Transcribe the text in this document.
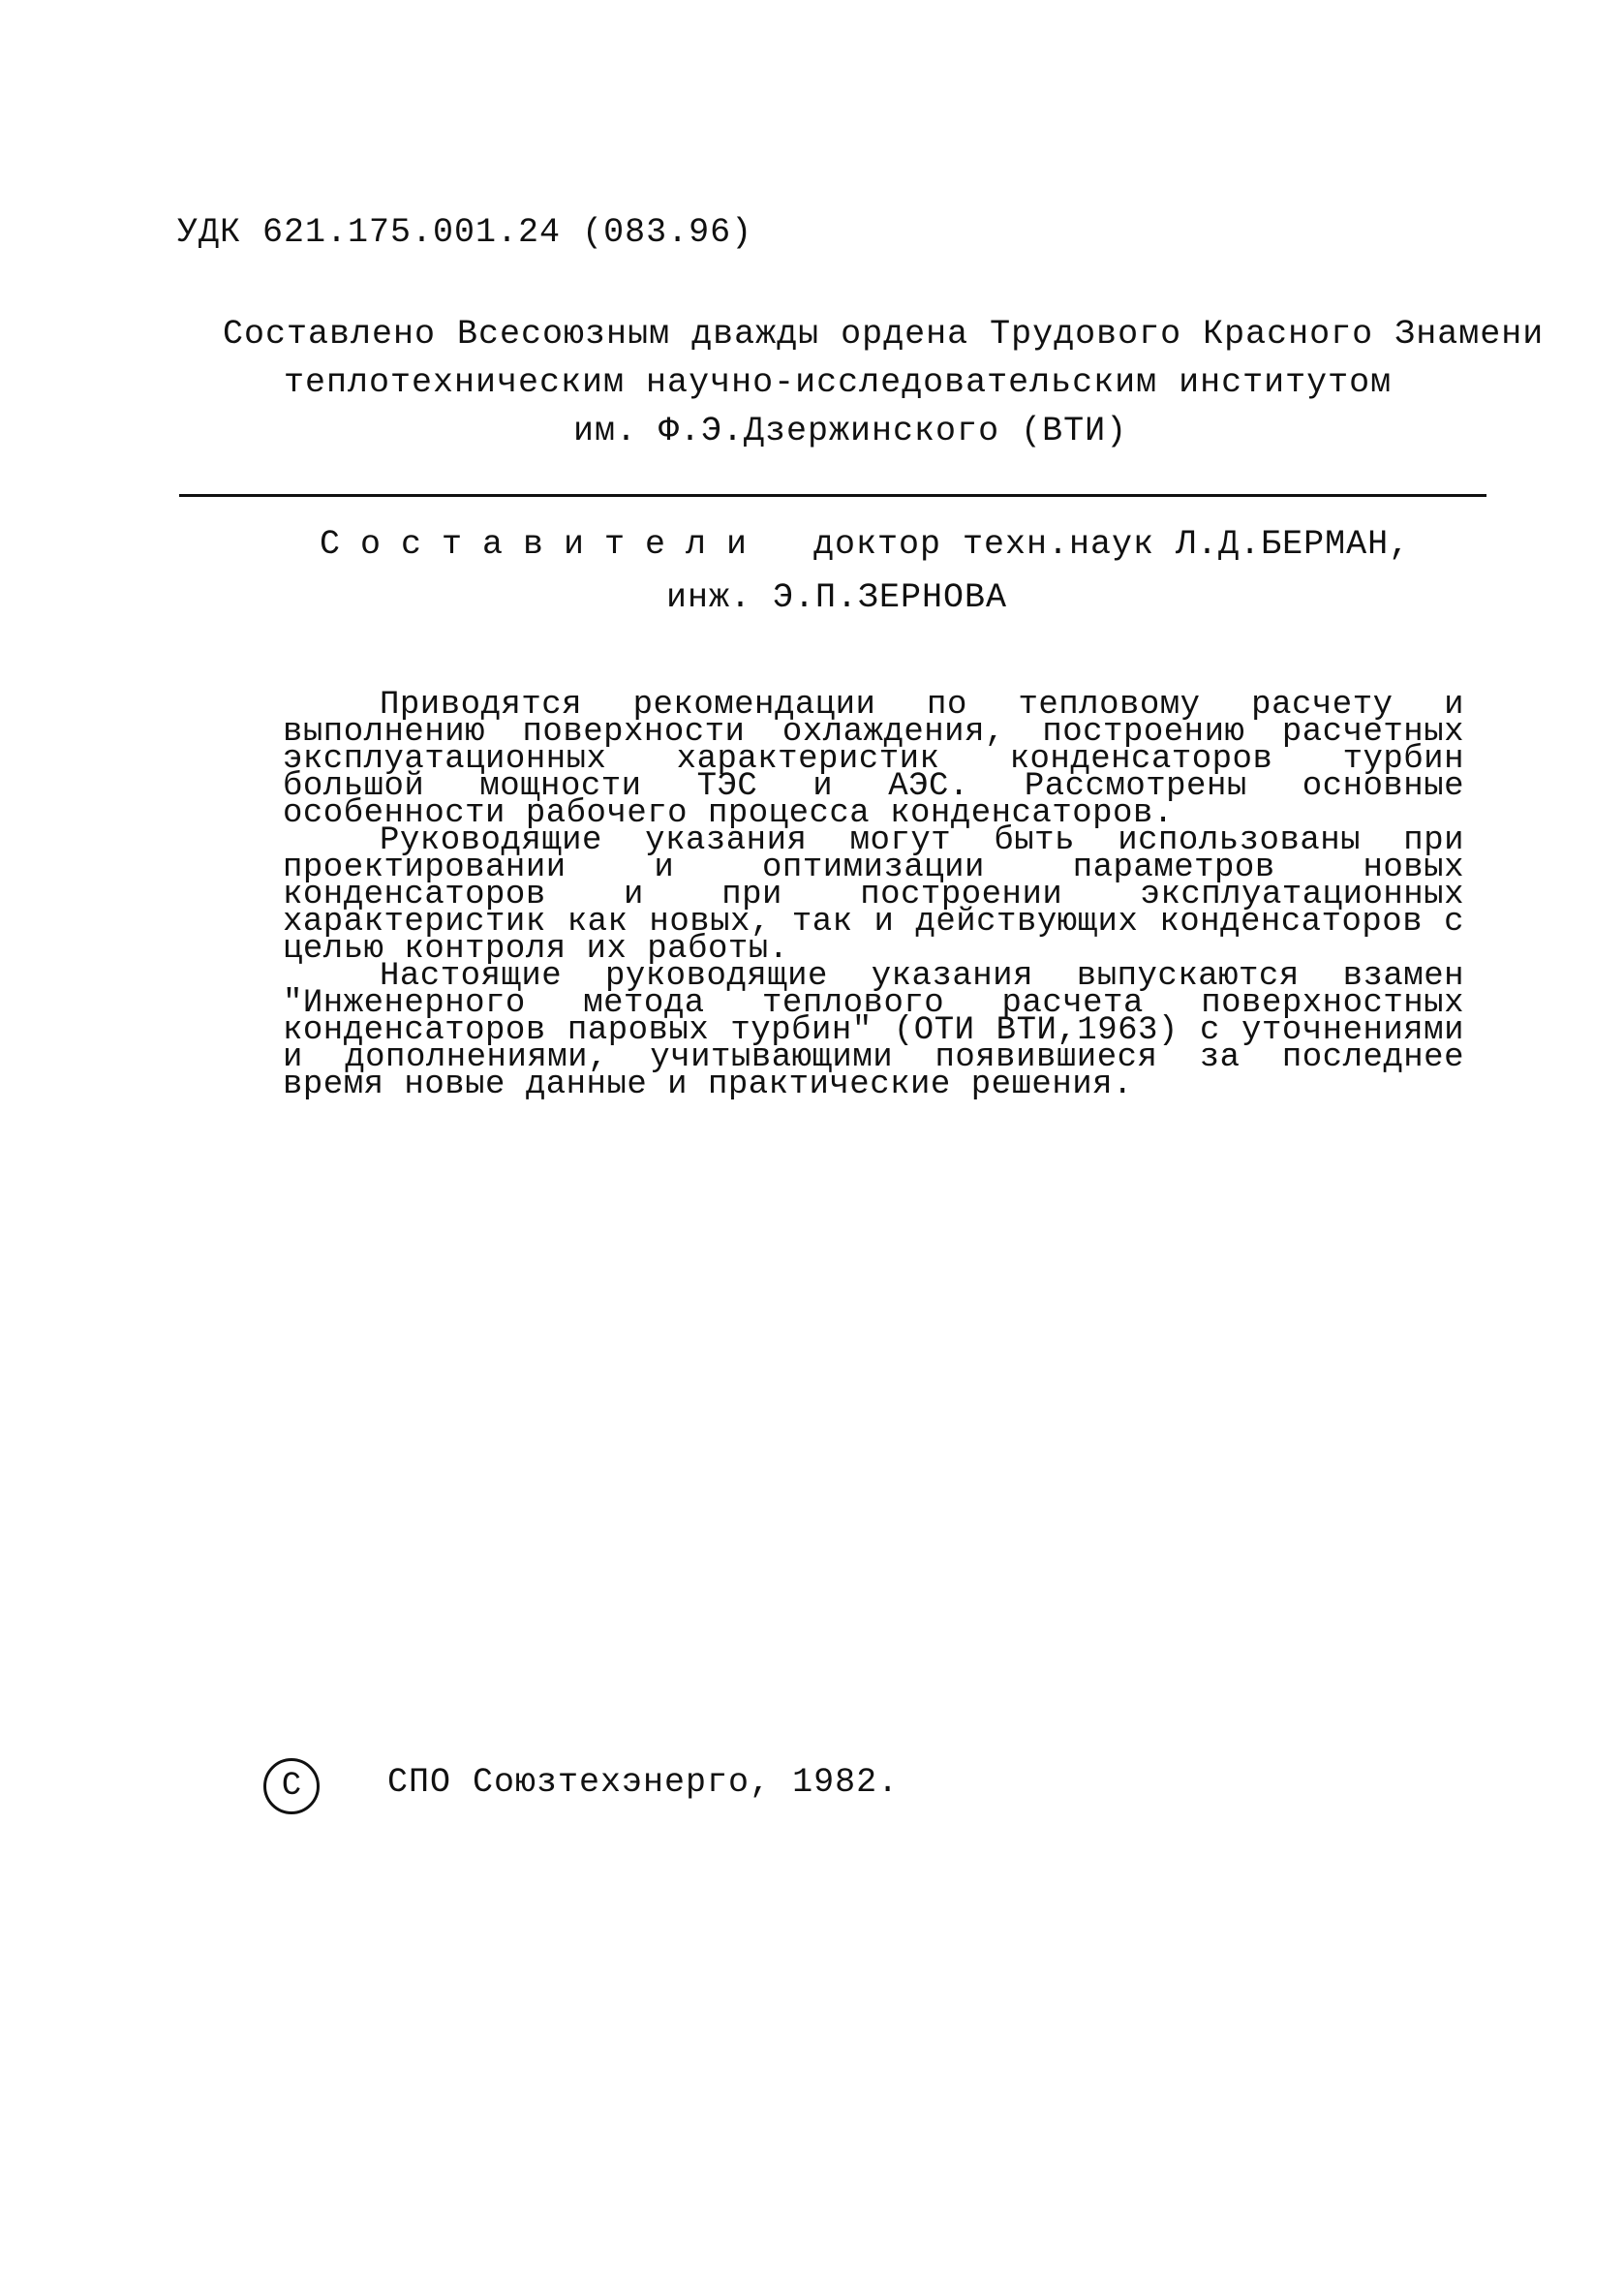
УДК 621.175.001.24 (083.96)
Составлено Всесоюзным дважды ордена Трудового Красного Знамени
теплотехническим научно-исследовательским институтом
им. Ф.Э.Дзержинского (ВТИ)
Составители доктор техн.наук Л.Д.БЕРМАН,
инж. Э.П.ЗЕРНОВА

Приводятся рекомендации по тепловому расчету и выполнению поверхности охлаждения, построению расчетных эксплуатационных характеристик конденсаторов турбин большой мощности ТЭС и АЭС. Рассмотрены основные особенности рабочего процесса конденсаторов.

Руководящие указания могут быть использованы при проектировании и оптимизации параметров новых конденсаторов и при построении эксплуатационных характеристик как новых, так и действующих конденсаторов с целью контроля их работы.

Настоящие руководящие указания выпускаются взамен "Инженерного метода теплового расчета поверхностных конденсаторов паровых турбин" (ОТИ ВТИ,1963) с уточнениями и дополнениями, учитывающими появившиеся за последнее время новые данные и практические решения.

С	СПО Союзтехэнерго, 1982.
